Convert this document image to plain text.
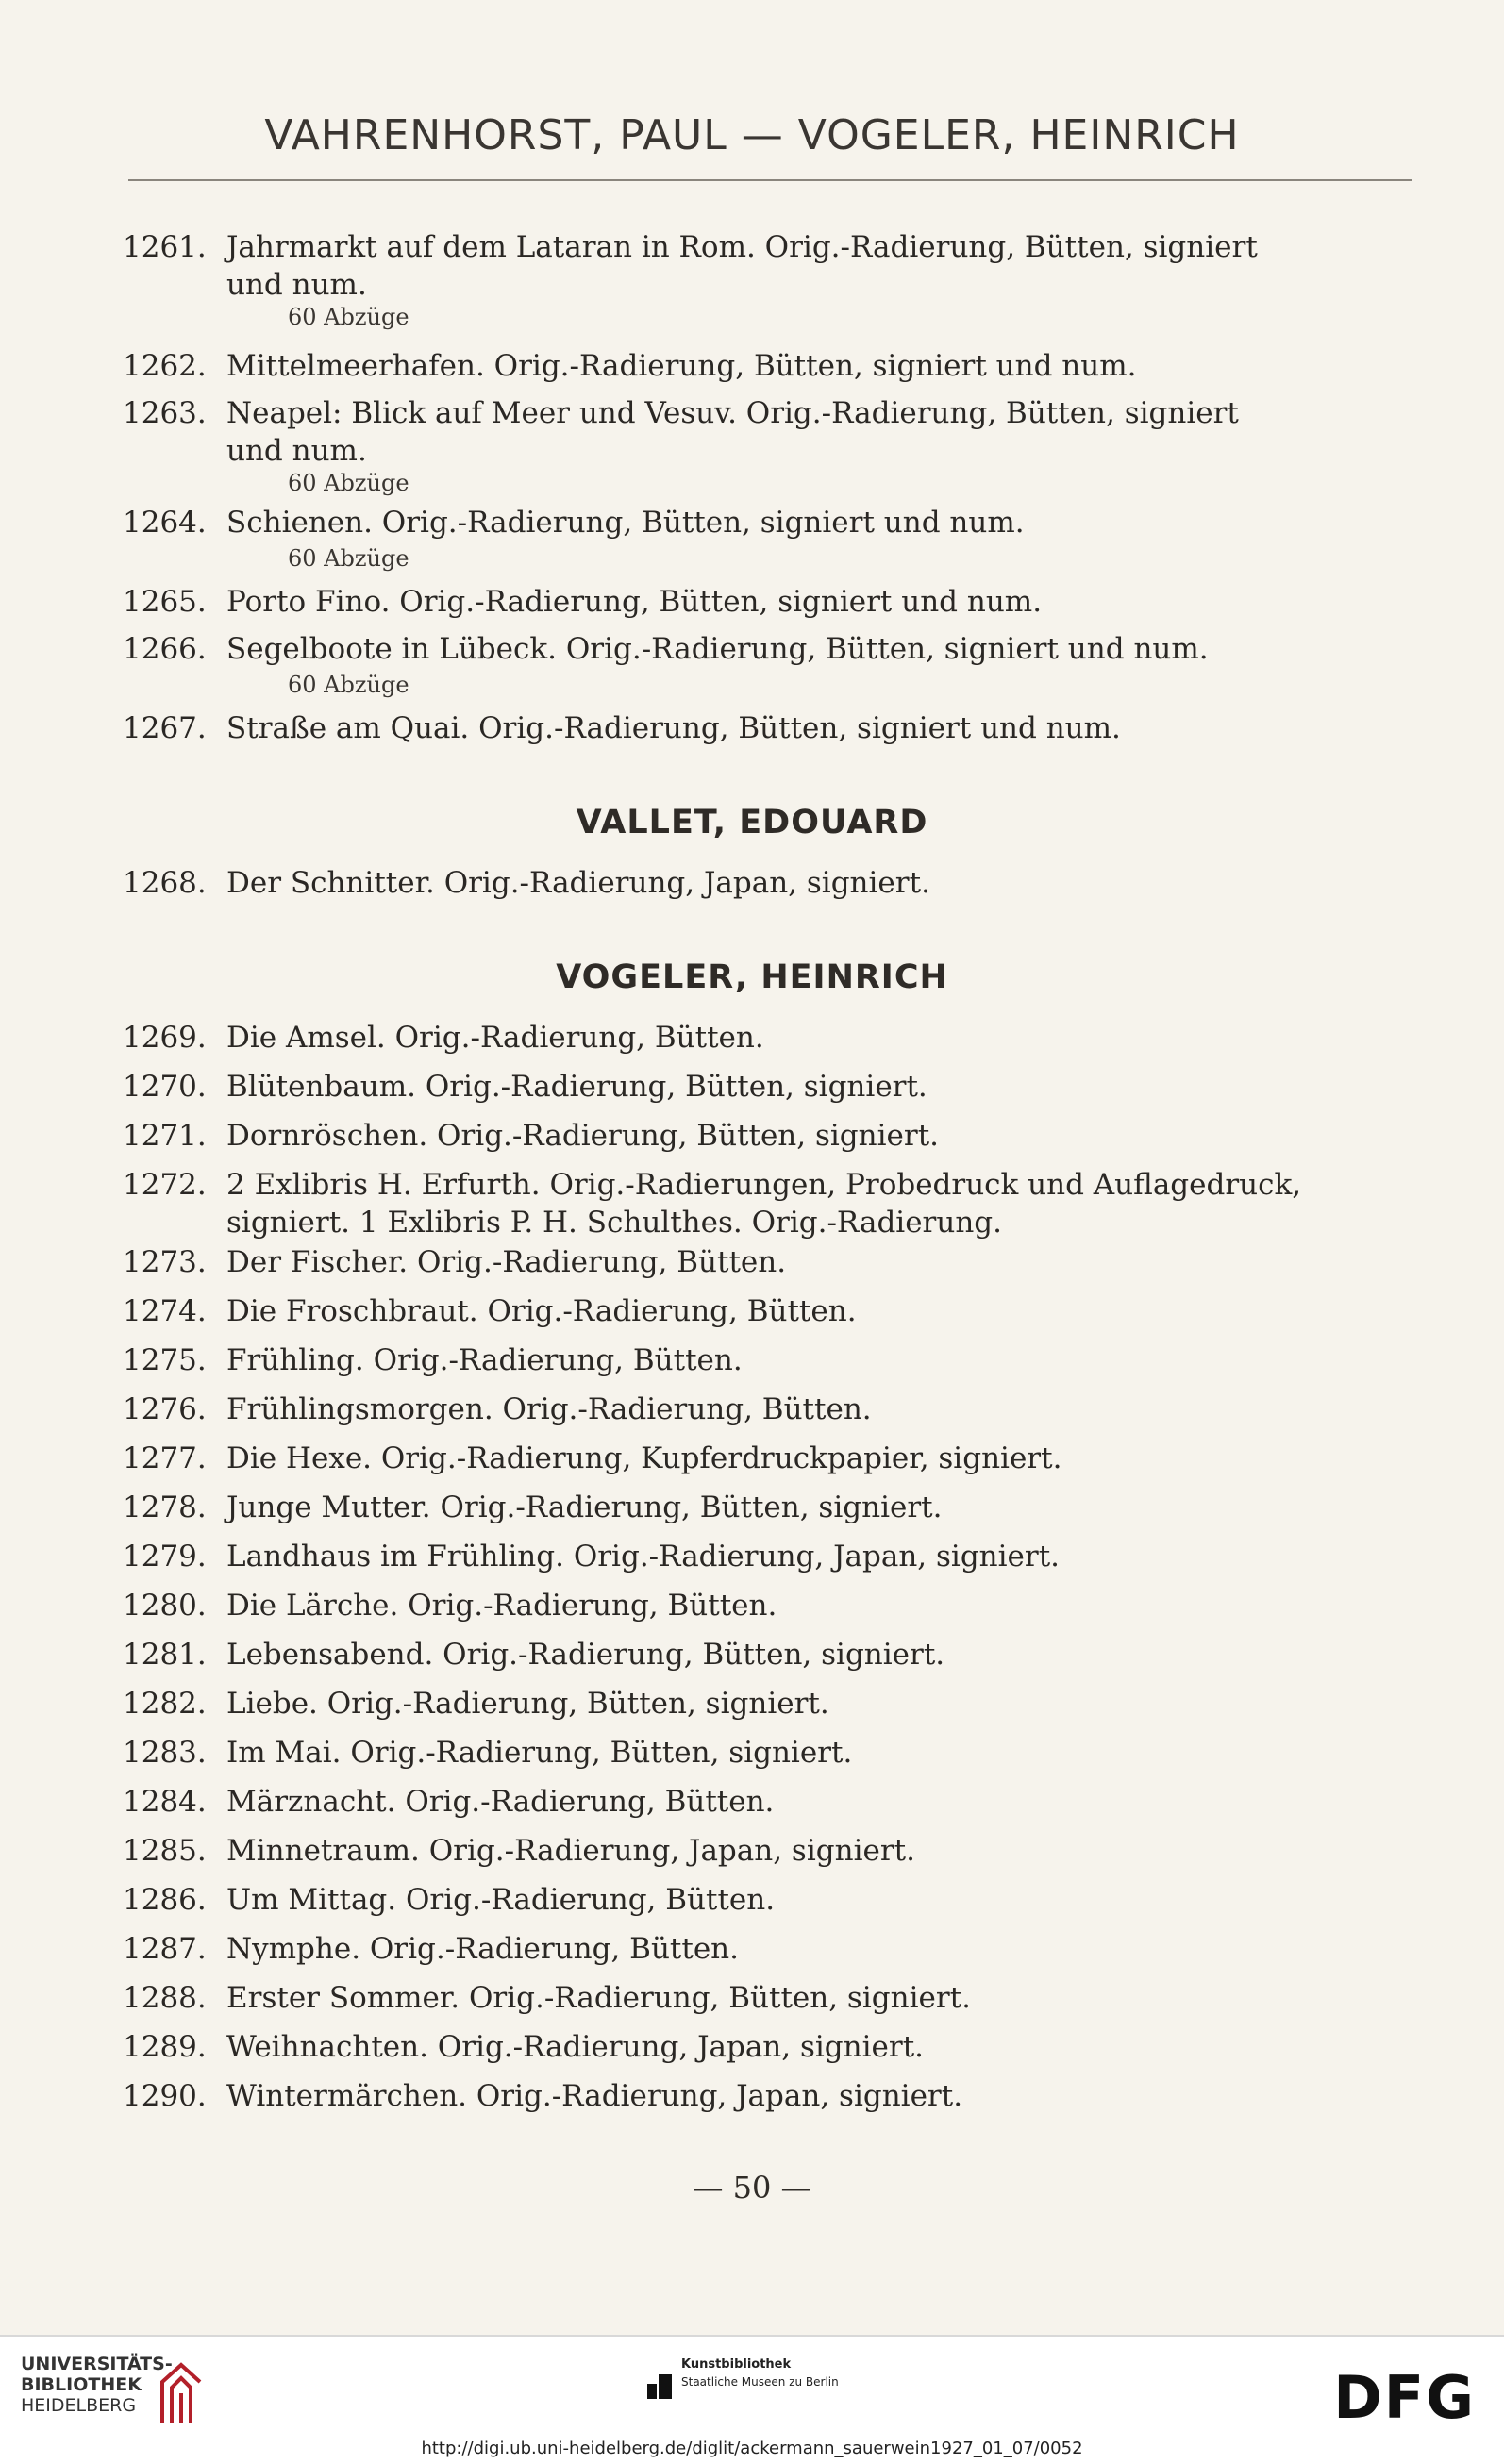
VAHRENHORST, PAUL — VOGELER, HEINRICH
VALLET, EDOUARD
VOGELER, HEINRICH
1261. Jahrmarkt auf dem Lataran in Rom. Orig.-Radierung, Bütten, signiert
und num.
60 Abzüge
1262. Mittelmeerhafen. Orig.-Radierung, Bütten, signiert und num.
1263. Neapel: Blick auf Meer und Vesuv. Orig.-Radierung, Bütten, signiert
und num.
60 Abzüge
1264. Schienen. Orig.-Radierung, Bütten, signiert und num.
60 Abzüge
1265. Porto Fino. Orig.-Radierung, Bütten, signiert und num.
1266. Segelboote in Lübeck. Orig.-Radierung, Bütten, signiert und num.
60 Abzüge
1267. Straße am Quai. Orig.-Radierung, Bütten, signiert und num.
1268. Der Schnitter. Orig.-Radierung, Japan, signiert.
1269. Die Amsel. Orig.-Radierung, Bütten.
1270. Blütenbaum. Orig.-Radierung, Bütten, signiert.
1271. Dornröschen. Orig.-Radierung, Bütten, signiert.
1272. 2 Exlibris H. Erfurth. Orig.-Radierungen, Probedruck und Auflagedruck,
signiert. 1 Exlibris P. H. Schulthes. Orig.-Radierung.
1273. Der Fischer. Orig.-Radierung, Bütten.
1274. Die Froschbraut. Orig.-Radierung, Bütten.
1275. Frühling. Orig.-Radierung, Bütten.
1276. Frühlingsmorgen. Orig.-Radierung, Bütten.
1277. Die Hexe. Orig.-Radierung, Kupferdruckpapier, signiert.
1278. Junge Mutter. Orig.-Radierung, Bütten, signiert.
1279. Landhaus im Frühling. Orig.-Radierung, Japan, signiert.
1280. Die Lärche. Orig.-Radierung, Bütten.
1281. Lebensabend. Orig.-Radierung, Bütten, signiert.
1282. Liebe. Orig.-Radierung, Bütten, signiert.
1283. Im Mai. Orig.-Radierung, Bütten, signiert.
1284. Märznacht. Orig.-Radierung, Bütten.
1285. Minnetraum. Orig.-Radierung, Japan, signiert.
1286. Um Mittag. Orig.-Radierung, Bütten.
1287. Nymphe. Orig.-Radierung, Bütten.
1288. Erster Sommer. Orig.-Radierung, Bütten, signiert.
1289. Weihnachten. Orig.-Radierung, Japan, signiert.
1290. Wintermärchen. Orig.-Radierung, Japan, signiert.
— 50 —
UNIVERSITÄTS-
BIBLIOTHEK
HEIDELBERG
Kunstbibliothek
Staatliche Museen zu Berlin	DFG
http://digi.ub.uni-heidelberg.de/diglit/ackermann_sauerwein1927_01_07/0052
